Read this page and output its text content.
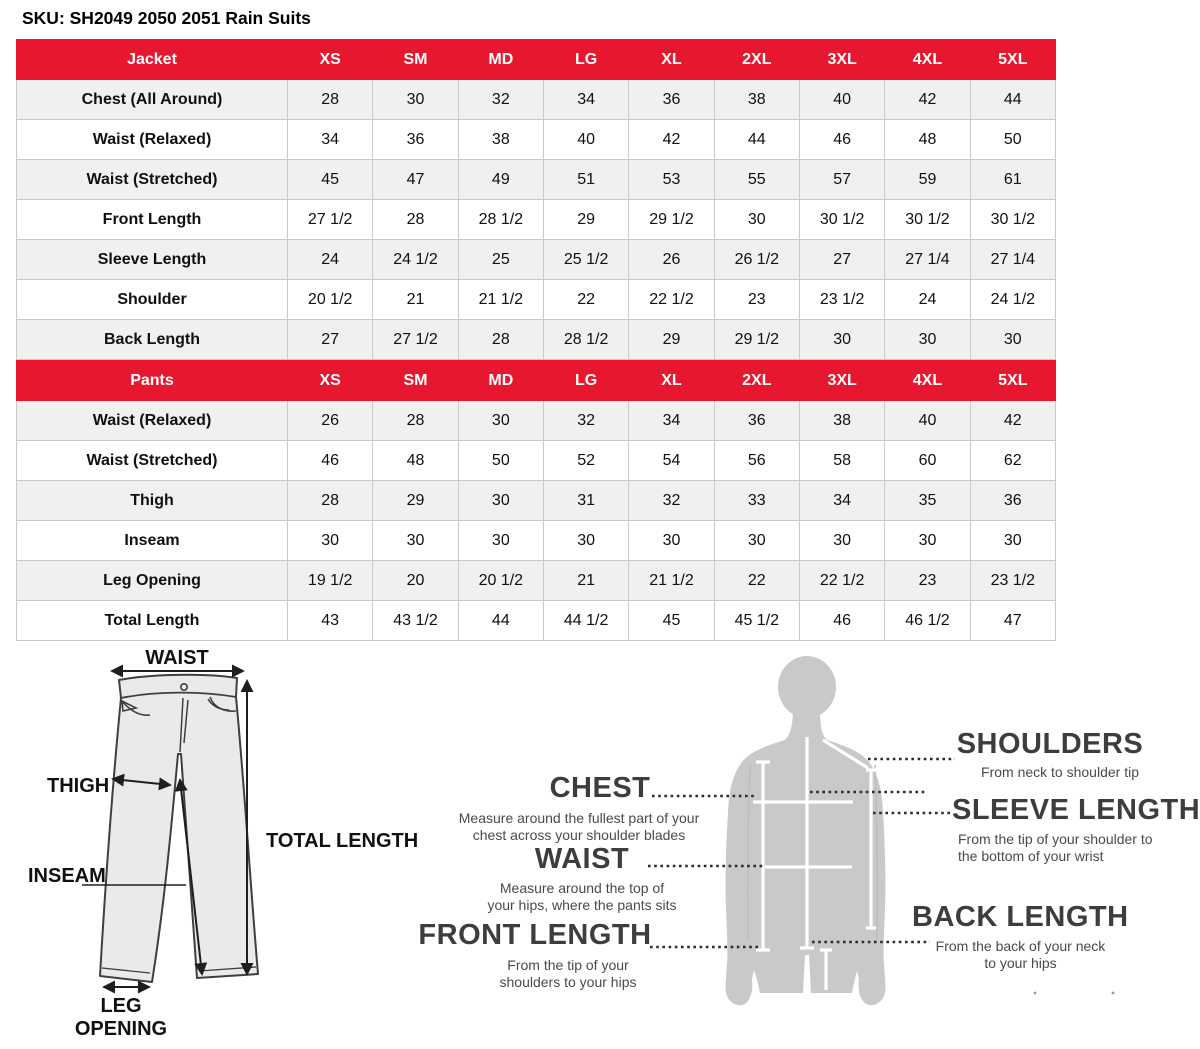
SKU: SH2049 2050 2051 Rain Suits
Jacket	XS	SM	MD	LG	XL	2XL	3XL	4XL	5XL
Chest (All Around)	28	30	32	34	36	38	40	42	44
Waist (Relaxed)	34	36	38	40	42	44	46	48	50
Waist (Stretched)	45	47	49	51	53	55	57	59	61
Front Length	27 1/2	28	28 1/2	29	29 1/2	30	30 1/2	30 1/2	30 1/2
Sleeve Length	24	24 1/2	25	25 1/2	26	26 1/2	27	27 1/4	27 1/4
Shoulder	20 1/2	21	21 1/2	22	22 1/2	23	23 1/2	24	24 1/2
Back Length	27	27 1/2	28	28 1/2	29	29 1/2	30	30	30
Pants	XS	SM	MD	LG	XL	2XL	3XL	4XL	5XL
Waist (Relaxed)	26	28	30	32	34	36	38	40	42
Waist (Stretched)	46	48	50	52	54	56	58	60	62
Thigh	28	29	30	31	32	33	34	35	36
Inseam	30	30	30	30	30	30	30	30	30
Leg Opening	19 1/2	20	20 1/2	21	21 1/2	22	22 1/2	23	23 1/2
Total Length	43	43 1/2	44	44 1/2	45	45 1/2	46	46 1/2	47
WAIST
THIGH
INSEAM
TOTAL LENGTH
LEG
OPENING
CHEST
Measure around the fullest part of your chest across your shoulder blades
WAIST
Measure around the top of your hips, where the pants sits
FRONT LENGTH
From the tip of your shoulders to your hips
SHOULDERS
From neck to shoulder tip
SLEEVE LENGTH
From the tip of your shoulder to the bottom of your wrist
BACK LENGTH
From the back of your neck to your hips
